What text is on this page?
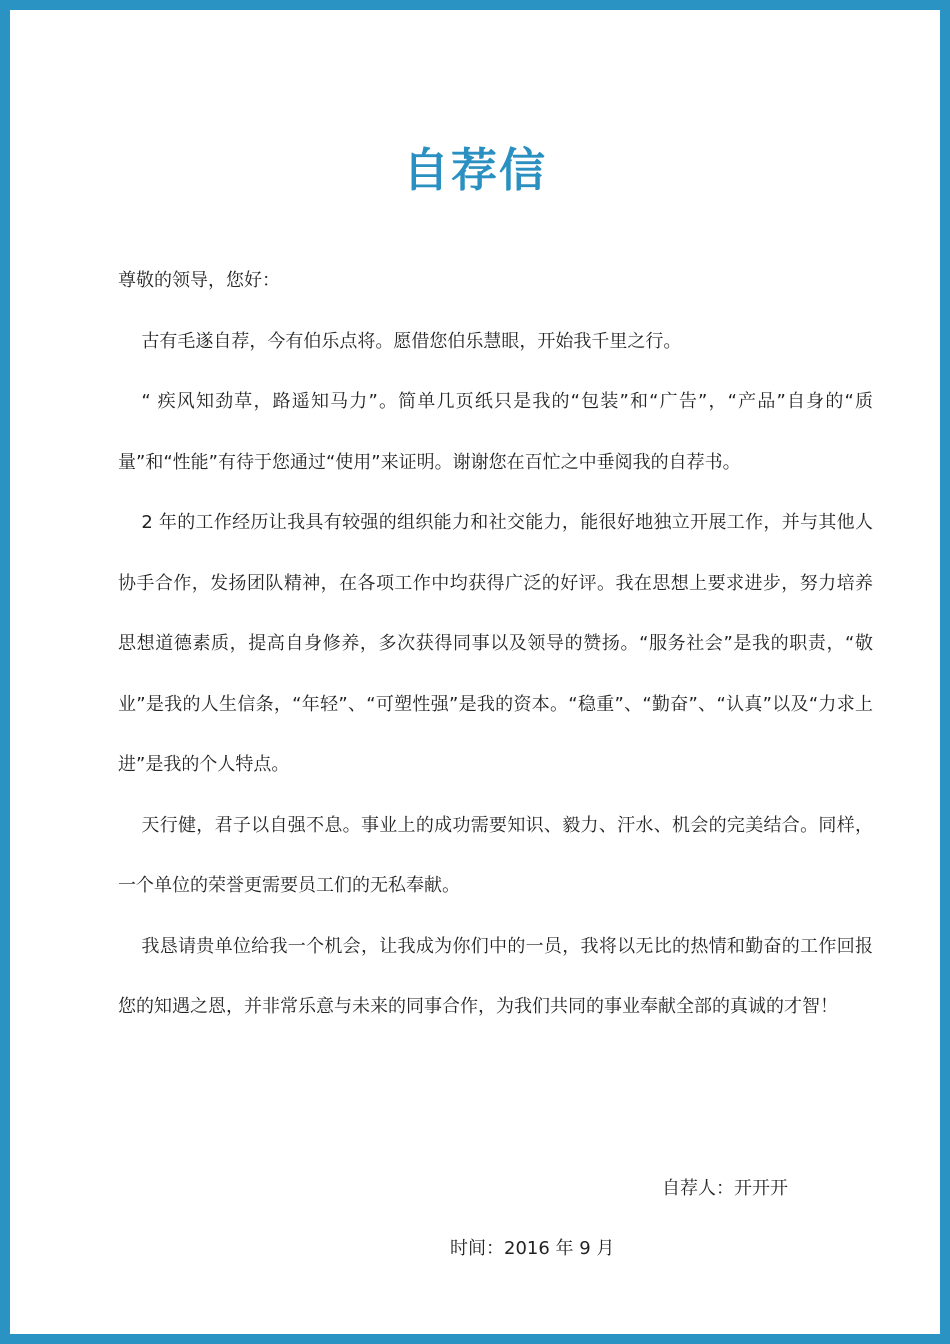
自荐信

尊敬的领导，您好：

古有毛遂自荐，今有伯乐点将。愿借您伯乐慧眼，开始我千里之行。

“ 疾风知劲草，路遥知马力”。简单几页纸只是我的“包装”和“广告”，“产品”自身的“质量”和“性能”有待于您通过“使用”来证明。谢谢您在百忙之中垂阅我的自荐书。

2 年的工作经历让我具有较强的组织能力和社交能力，能很好地独立开展工作，并与其他人协手合作，发扬团队精神，在各项工作中均获得广泛的好评。我在思想上要求进步，努力培养思想道德素质，提高自身修养，多次获得同事以及领导的赞扬。“服务社会”是我的职责，“敬业”是我的人生信条，“年轻”、“可塑性强”是我的资本。“稳重”、“勤奋”、“认真”以及“力求上进”是我的个人特点。

天行健，君子以自强不息。事业上的成功需要知识、毅力、汗水、机会的完美结合。同样，一个单位的荣誉更需要员工们的无私奉献。

我恳请贵单位给我一个机会，让我成为你们中的一员，我将以无比的热情和勤奋的工作回报您的知遇之恩，并非常乐意与未来的同事合作，为我们共同的事业奉献全部的真诚的才智！

自荐人：开开开
时间：2016 年 9 月
